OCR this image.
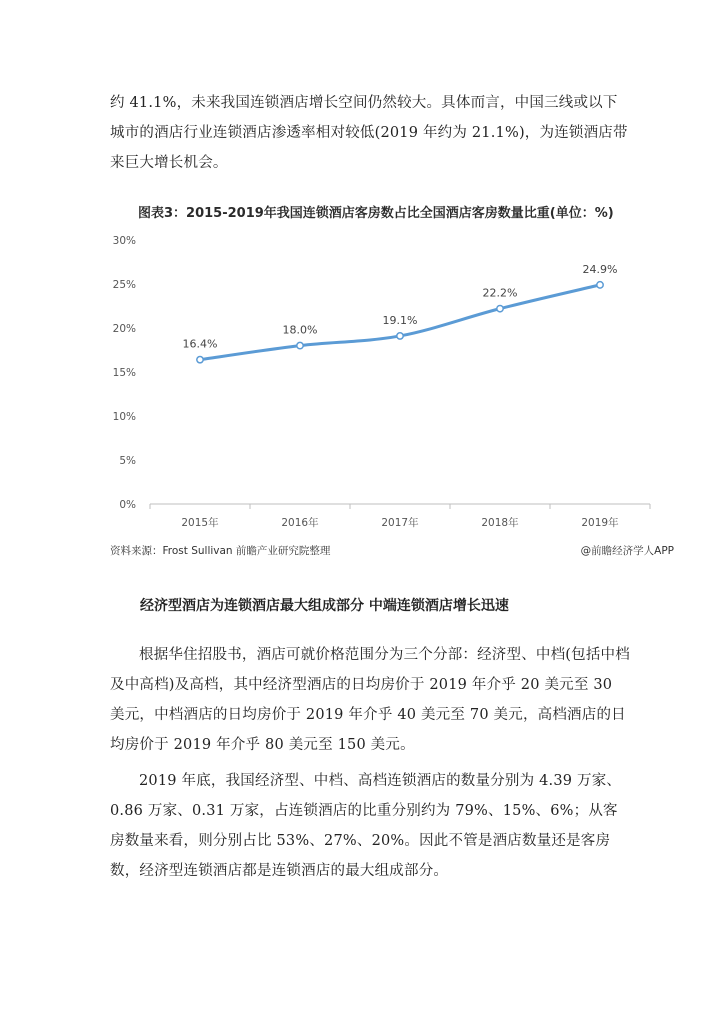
约 41.1%，未来我国连锁酒店增长空间仍然较大。具体而言，中国三线或以下城市的酒店行业连锁酒店渗透率相对较低(2019 年约为 21.1%)，为连锁酒店带来巨大增长机会。

图表3：2015-2019年我国连锁酒店客房数占比全国酒店客房数量比重(单位：%)
0%
5%
10%
15%
20%
25%
30%
2015年	2016年	2017年	2018年	2019年
16.4%
18.0%
19.1%
22.2%
24.9%
资料来源：Frost Sullivan 前瞻产业研究院整理	@前瞻经济学人APP
经济型酒店为连锁酒店最大组成部分 中端连锁酒店增长迅速

根据华住招股书，酒店可就价格范围分为三个分部：经济型、中档(包括中档及中高档)及高档，其中经济型酒店的日均房价于 2019 年介乎 20 美元至 30 美元，中档酒店的日均房价于 2019 年介乎 40 美元至 70 美元，高档酒店的日均房价于 2019 年介乎 80 美元至 150 美元。

2019 年底，我国经济型、中档、高档连锁酒店的数量分别为 4.39 万家、0.86 万家、0.31 万家，占连锁酒店的比重分别约为 79%、15%、6%；从客房数量来看，则分别占比 53%、27%、20%。因此不管是酒店数量还是客房数，经济型连锁酒店都是连锁酒店的最大组成部分。
